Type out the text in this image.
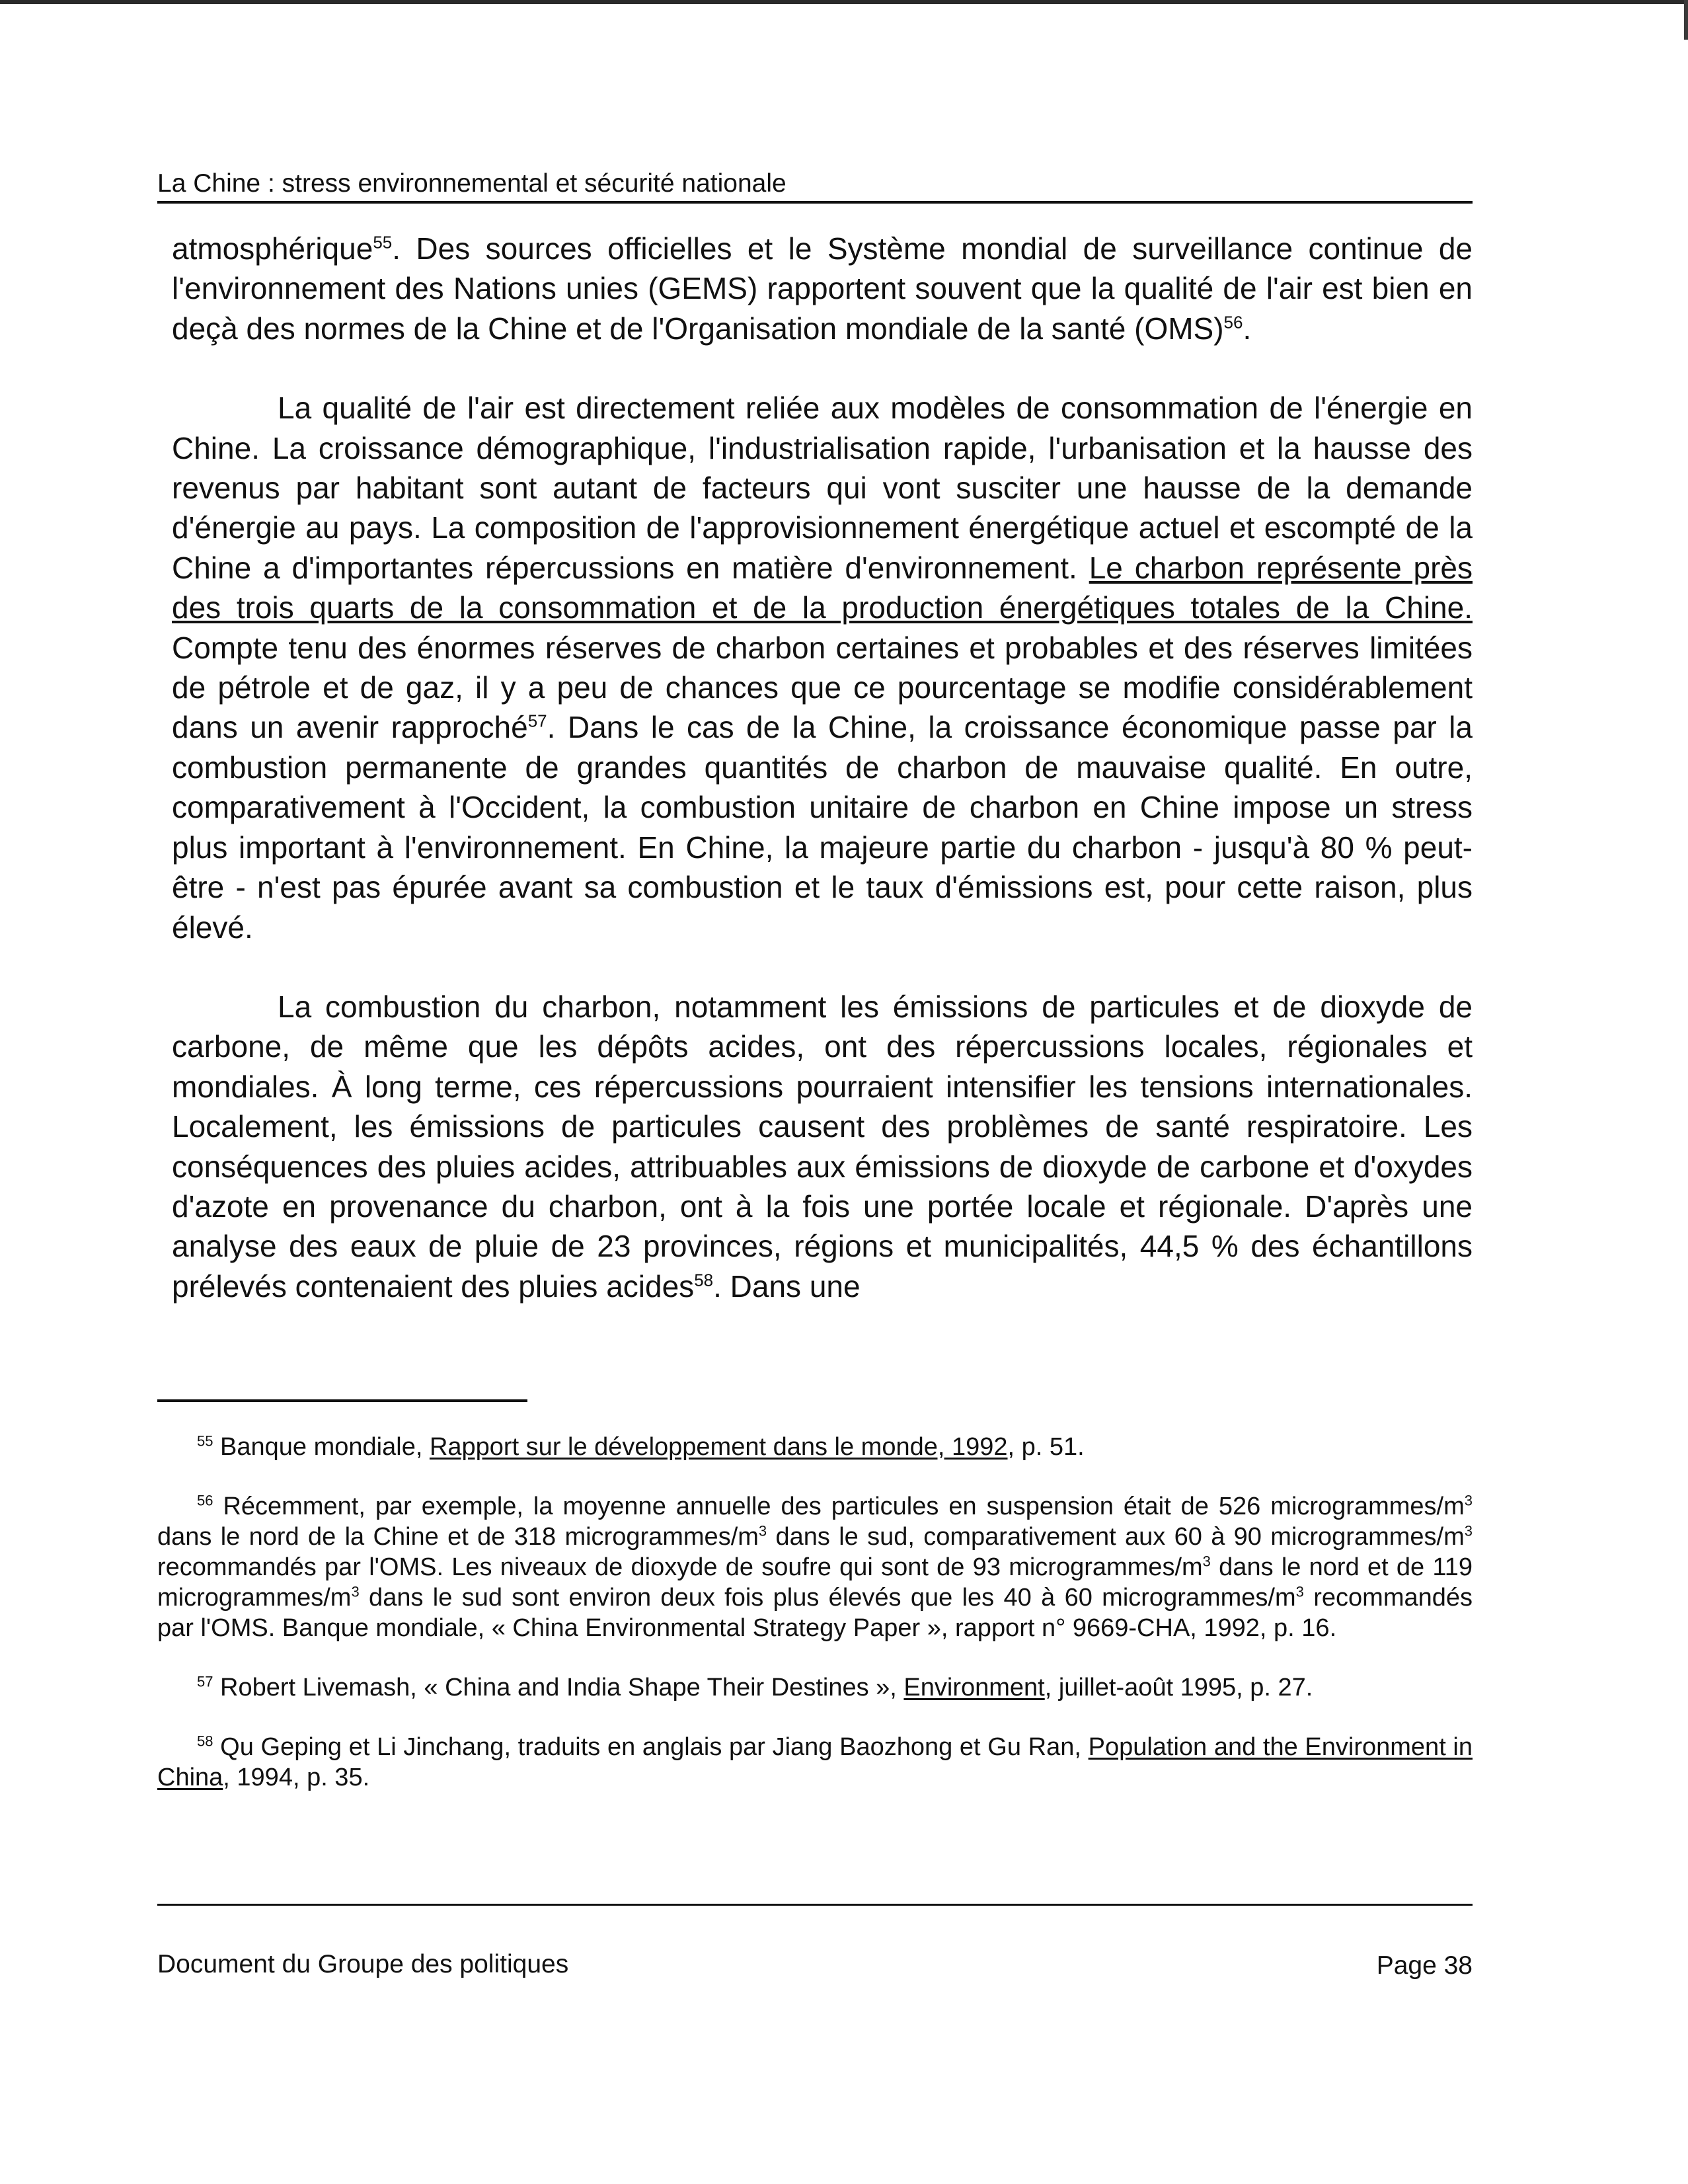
La Chine : stress environnemental et sécurité nationale

atmosphérique$^{55}$. Des sources officielles et le Système mondial de surveillance continue de l'environnement des Nations unies (GEMS) rapportent souvent que la qualité de l'air est bien en deçà des normes de la Chine et de l'Organisation mondiale de la santé (OMS)$^{56}$.

La qualité de l'air est directement reliée aux modèles de consommation de l'énergie en Chine. La croissance démographique, l'industrialisation rapide, l'urbanisation et la hausse des revenus par habitant sont autant de facteurs qui vont susciter une hausse de la demande d'énergie au pays. La composition de l'approvisionnement énergétique actuel et escompté de la Chine a d'importantes répercussions en matière d'environnement. Le charbon représente près des trois quarts de la consommation et de la production énergétiques totales de la Chine. Compte tenu des énormes réserves de charbon certaines et probables et des réserves limitées de pétrole et de gaz, il y a peu de chances que ce pourcentage se modifie considérablement dans un avenir rapproché$^{57}$. Dans le cas de la Chine, la croissance économique passe par la combustion permanente de grandes quantités de charbon de mauvaise qualité. En outre, comparativement à l'Occident, la combustion unitaire de charbon en Chine impose un stress plus important à l'environnement. En Chine, la majeure partie du charbon - jusqu'à 80 % peut-être - n'est pas épurée avant sa combustion et le taux d'émissions est, pour cette raison, plus élevé.

La combustion du charbon, notamment les émissions de particules et de dioxyde de carbone, de même que les dépôts acides, ont des répercussions locales, régionales et mondiales. À long terme, ces répercussions pourraient intensifier les tensions internationales. Localement, les émissions de particules causent des problèmes de santé respiratoire. Les conséquences des pluies acides, attribuables aux émissions de dioxyde de carbone et d'oxydes d'azote en provenance du charbon, ont à la fois une portée locale et régionale. D'après une analyse des eaux de pluie de 23 provinces, régions et municipalités, 44,5 % des échantillons prélevés contenaient des pluies acides$^{58}$. Dans une

$^{55}$ Banque mondiale, Rapport sur le développement dans le monde, 1992, p. 51.

$^{56}$ Récemment, par exemple, la moyenne annuelle des particules en suspension était de 526 microgrammes/m$^3$ dans le nord de la Chine et de 318 microgrammes/m$^3$ dans le sud, comparativement aux 60 à 90 microgrammes/m$^3$ recommandés par l'OMS. Les niveaux de dioxyde de soufre qui sont de 93 microgrammes/m$^3$ dans le nord et de 119 microgrammes/m$^3$ dans le sud sont environ deux fois plus élevés que les 40 à 60 microgrammes/m$^3$ recommandés par l'OMS. Banque mondiale, « China Environmental Strategy Paper », rapport n° 9669-CHA, 1992, p. 16.

$^{57}$ Robert Livemash, « China and India Shape Their Destines », Environment, juillet-août 1995, p. 27.

$^{58}$ Qu Geping et Li Jinchang, traduits en anglais par Jiang Baozhong et Gu Ran, Population and the Environment in China, 1994, p. 35.

Document du Groupe des politiques	Page 38
